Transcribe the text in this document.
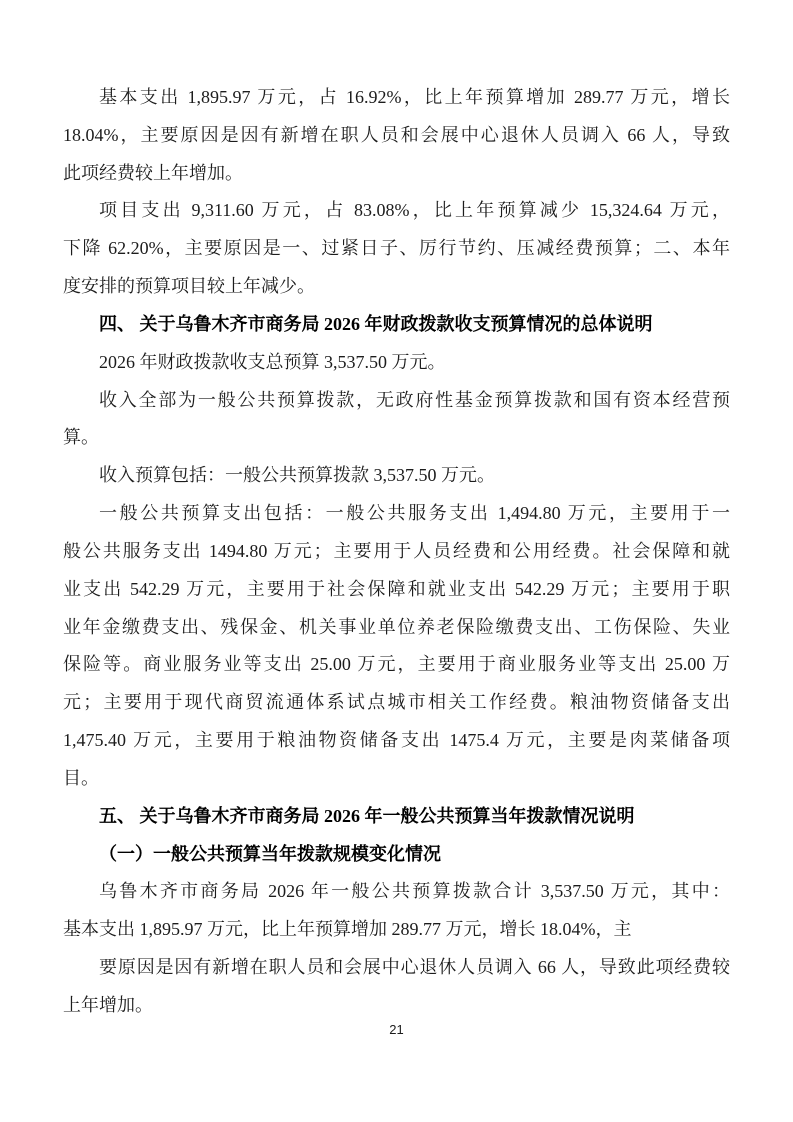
基本支出 1,895.97 万元，占 16.92%，比上年预算增加 289.77 万元，增长
18.04%，主要原因是因有新增在职人员和会展中心退休人员调入 66 人，导致
此项经费较上年增加。
项目支出 9,311.60 万元，占 83.08%，比上年预算减少 15,324.64 万元，
下降 62.20%，主要原因是一、过紧日子、厉行节约、压减经费预算；二、本年
度安排的预算项目较上年减少。
四、 关于乌鲁木齐市商务局 2026 年财政拨款收支预算情况的总体说明
2026 年财政拨款收支总预算 3,537.50 万元。
收入全部为一般公共预算拨款，无政府性基金预算拨款和国有资本经营预
算。
收入预算包括：一般公共预算拨款 3,537.50 万元。
一般公共预算支出包括：一般公共服务支出 1,494.80 万元，主要用于一
般公共服务支出 1494.80 万元；主要用于人员经费和公用经费。社会保障和就
业支出 542.29 万元，主要用于社会保障和就业支出 542.29 万元；主要用于职
业年金缴费支出、残保金、机关事业单位养老保险缴费支出、工伤保险、失业
保险等。商业服务业等支出 25.00 万元，主要用于商业服务业等支出 25.00 万
元；主要用于现代商贸流通体系试点城市相关工作经费。粮油物资储备支出
1,475.40 万元，主要用于粮油物资储备支出 1475.4 万元，主要是肉菜储备项
目。
五、 关于乌鲁木齐市商务局 2026 年一般公共预算当年拨款情况说明
（一）一般公共预算当年拨款规模变化情况
乌鲁木齐市商务局 2026 年一般公共预算拨款合计 3,537.50 万元，其中：
基本支出 1,895.97 万元，比上年预算增加 289.77 万元，增长 18.04%，主
要原因是因有新增在职人员和会展中心退休人员调入 66 人，导致此项经费较
上年增加。
21
